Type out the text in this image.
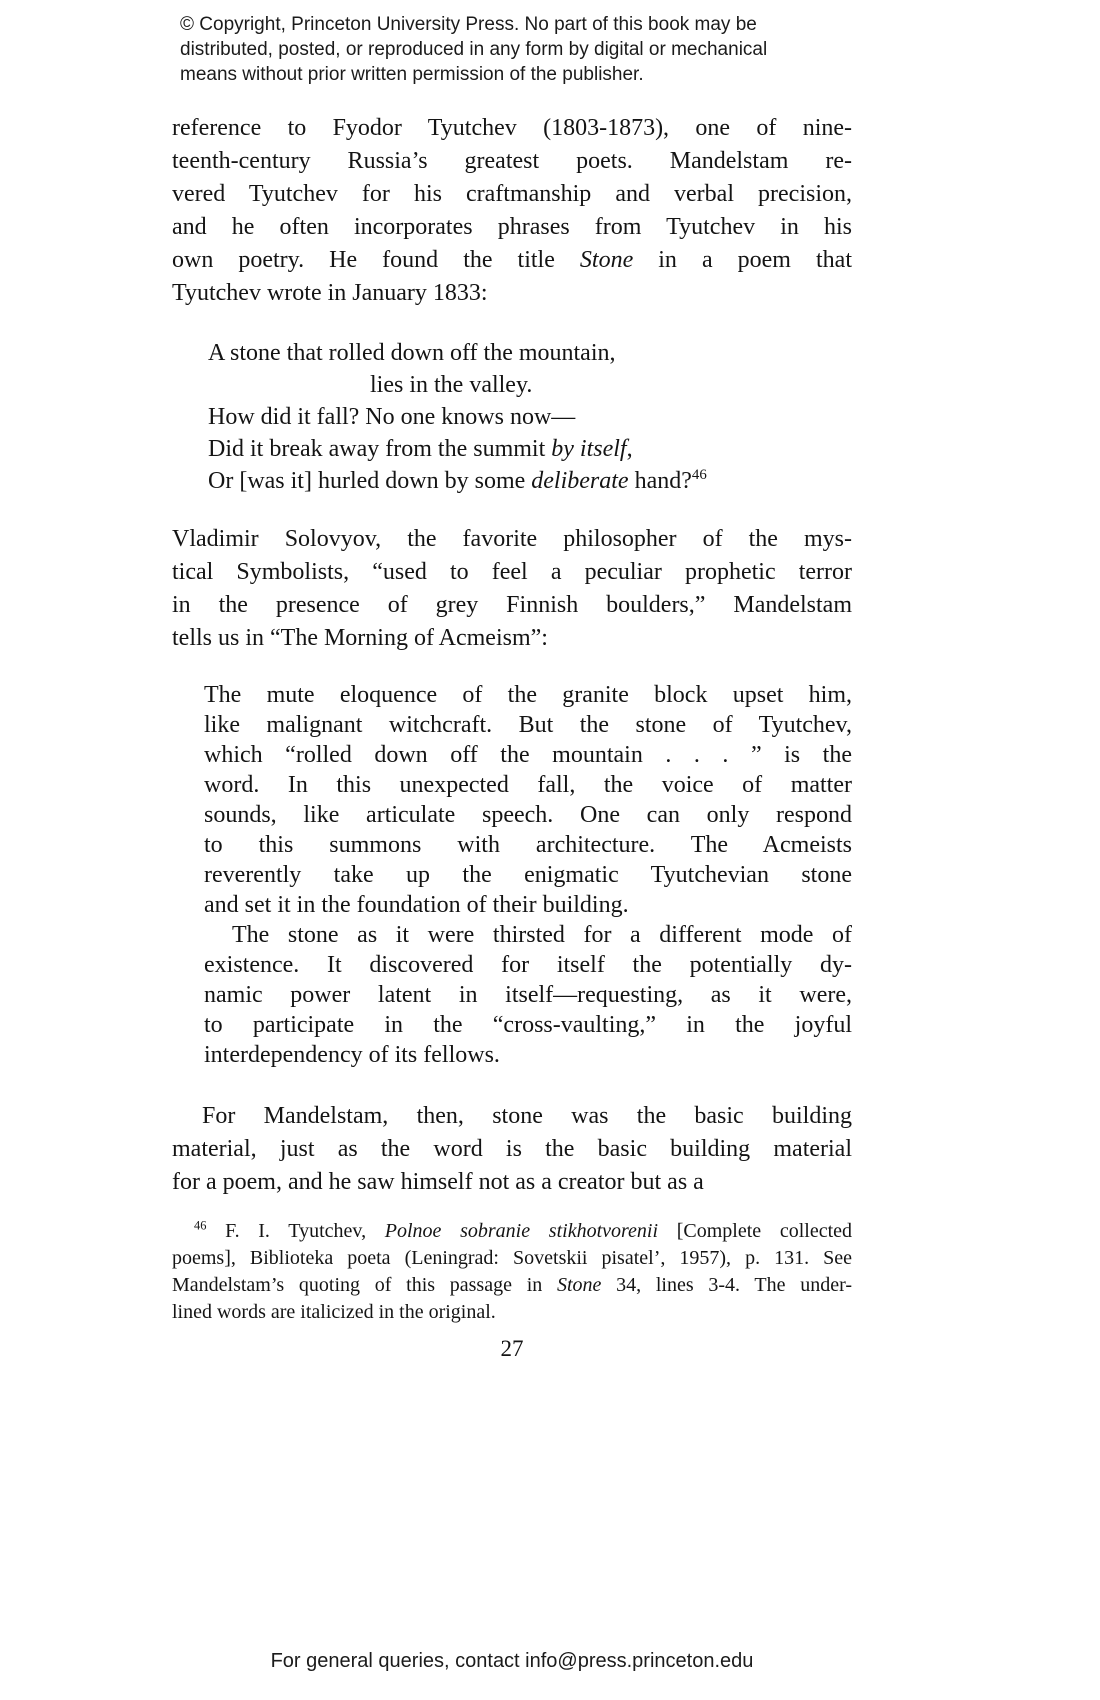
© Copyright, Princeton University Press. No part of this book may be
distributed, posted, or reproduced in any form by digital or mechanical
means without prior written permission of the publisher.
reference to Fyodor Tyutchev (1803-1873), one of nine-
teenth-century Russia’s greatest poets. Mandelstam re-
vered Tyutchev for his craftmanship and verbal precision,
and he often incorporates phrases from Tyutchev in his
own poetry. He found the title Stone in a poem that
Tyutchev wrote in January 1833:
A stone that rolled down off the mountain,
lies in the valley.
How did it fall? No one knows now—
Did it break away from the summit by itself,
Or [was it] hurled down by some deliberate hand?$^{46}$
Vladimir Solovyov, the favorite philosopher of the mys-
tical Symbolists, “used to feel a peculiar prophetic terror
in the presence of grey Finnish boulders,” Mandelstam
tells us in “The Morning of Acmeism”:
The mute eloquence of the granite block upset him,
like malignant witchcraft. But the stone of Tyutchev,
which “rolled down off the mountain . . . ” is the
word. In this unexpected fall, the voice of matter
sounds, like articulate speech. One can only respond
to this summons with architecture. The Acmeists
reverently take up the enigmatic Tyutchevian stone
and set it in the foundation of their building.
The stone as it were thirsted for a different mode of
existence. It discovered for itself the potentially dy-
namic power latent in itself—requesting, as it were,
to participate in the “cross-vaulting,” in the joyful
interdependency of its fellows.
For Mandelstam, then, stone was the basic building
material, just as the word is the basic building material
for a poem, and he saw himself not as a creator but as a
$^{46}$ F. I. Tyutchev, Polnoe sobranie stikhotvorenii [Complete collected
poems], Biblioteka poeta (Leningrad: Sovetskii pisatel’, 1957), p. 131. See
Mandelstam’s quoting of this passage in Stone 34, lines 3-4. The under-
lined words are italicized in the original.
27
For general queries, contact info@press.princeton.edu
